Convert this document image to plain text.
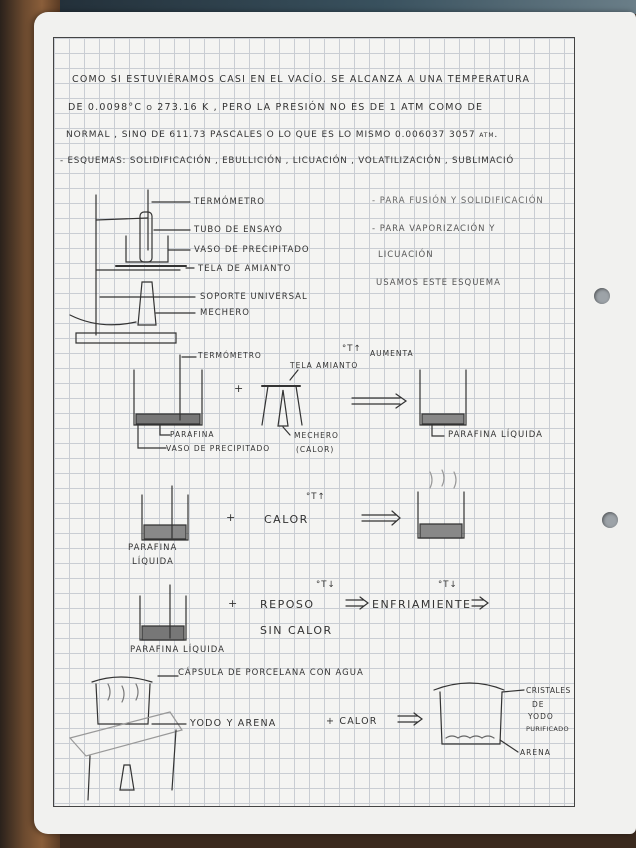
COMO SI ESTUVIÉRAMOS CASI EN EL VACÍO. SE ALCANZA A UNA TEMPERATURA
DE 0.0098°C o 273.16 K , PERO LA PRESIÓN NO ES DE 1 ATM COMO DE
NORMAL , SINO DE 611.73 PASCALES O LO QUE ES LO MISMO 0.006037 3057 atm.
- ESQUEMAS: SOLIDIFICACIÓN , EBULLICIÓN , LICUACIÓN , VOLATILIZACIÓN , SUBLIMACIÓ
TERMÓMETRO
TUBO DE ENSAYO
VASO DE PRECIPITADO
TELA DE AMIANTO
SOPORTE UNIVERSAL
MECHERO
- PARA FUSIÓN Y SOLIDIFICACIÓN
- PARA VAPORIZACIÓN Y
LICUACIÓN
USAMOS ESTE ESQUEMA
TERMÓMETRO
°T↑ AUMENTA
TELA AMIANTO
+
PARAFINA
VASO DE PRECIPITADO
MECHERO
(CALOR)
PARAFINA LÍQUIDA
°T↑
+ CALOR
PARAFINA
LÍQUIDA
°T↓	°T↓
+ REPOSO
SIN CALOR
ENFRIAMIENTE
PARAFINA LÍQUIDA
CÁPSULA DE PORCELANA CON AGUA
YODO Y ARENA	+ CALOR
CRISTALES
DE
YODO
PURIFICADO
ARENA
